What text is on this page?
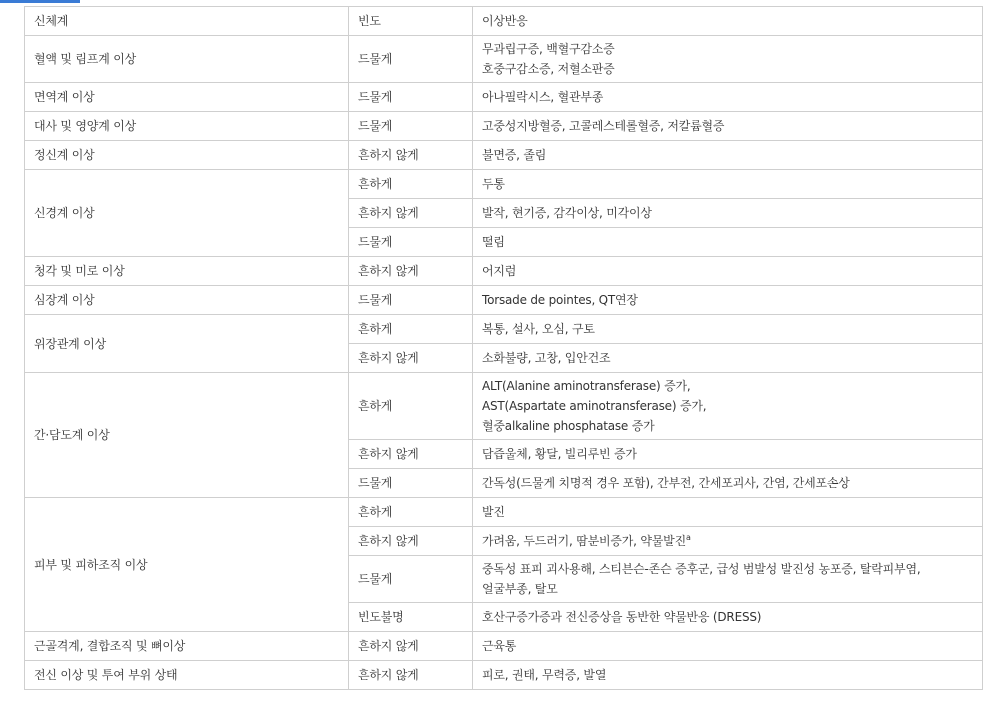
신체계	빈도	이상반응
혈액 및 림프계 이상	드물게	무과립구증, 백혈구감소증
호중구감소증, 저혈소판증

면역계 이상	드물게	아나필락시스, 혈관부종

대사 및 영양계 이상	드물게	고중성지방혈증, 고콜레스테롤혈증, 저칼륨혈증

정신계 이상	흔하지 않게	불면증, 졸림

신경계 이상	흔하게	두통

	흔하지 않게	발작, 현기증, 감각이상, 미각이상

	드물게	떨림

청각 및 미로 이상	흔하지 않게	어지럼

심장계 이상	드물게	Torsade de pointes, QT연장

위장관계 이상	흔하게	복통, 설사, 오심, 구토

	흔하지 않게	소화불량, 고창, 입안건조

간·담도계 이상	흔하게	ALT(Alanine aminotransferase) 증가,
AST(Aspartate aminotransferase) 증가,
혈중alkaline phosphatase 증가

	흔하지 않게	담즙울체, 황달, 빌리루빈 증가

	드물게	간독성(드물게 치명적 경우 포함), 간부전, 간세포괴사, 간염, 간세포손상

피부 및 피하조직 이상	흔하게	발진

	흔하지 않게	가려움, 두드러기, 땀분비증가, 약물발진$^a$

	드물게	중독성 표피 괴사용해, 스티븐슨-존슨 증후군, 급성 범발성 발진성 농포증, 탈락피부염,
얼굴부종, 탈모

	빈도불명	호산구증가증과 전신증상을 동반한 약물반응 (DRESS)

근골격계, 결합조직 및 뼈이상	흔하지 않게	근육통

전신 이상 및 투여 부위 상태	흔하지 않게	피로, 권태, 무력증, 발열
